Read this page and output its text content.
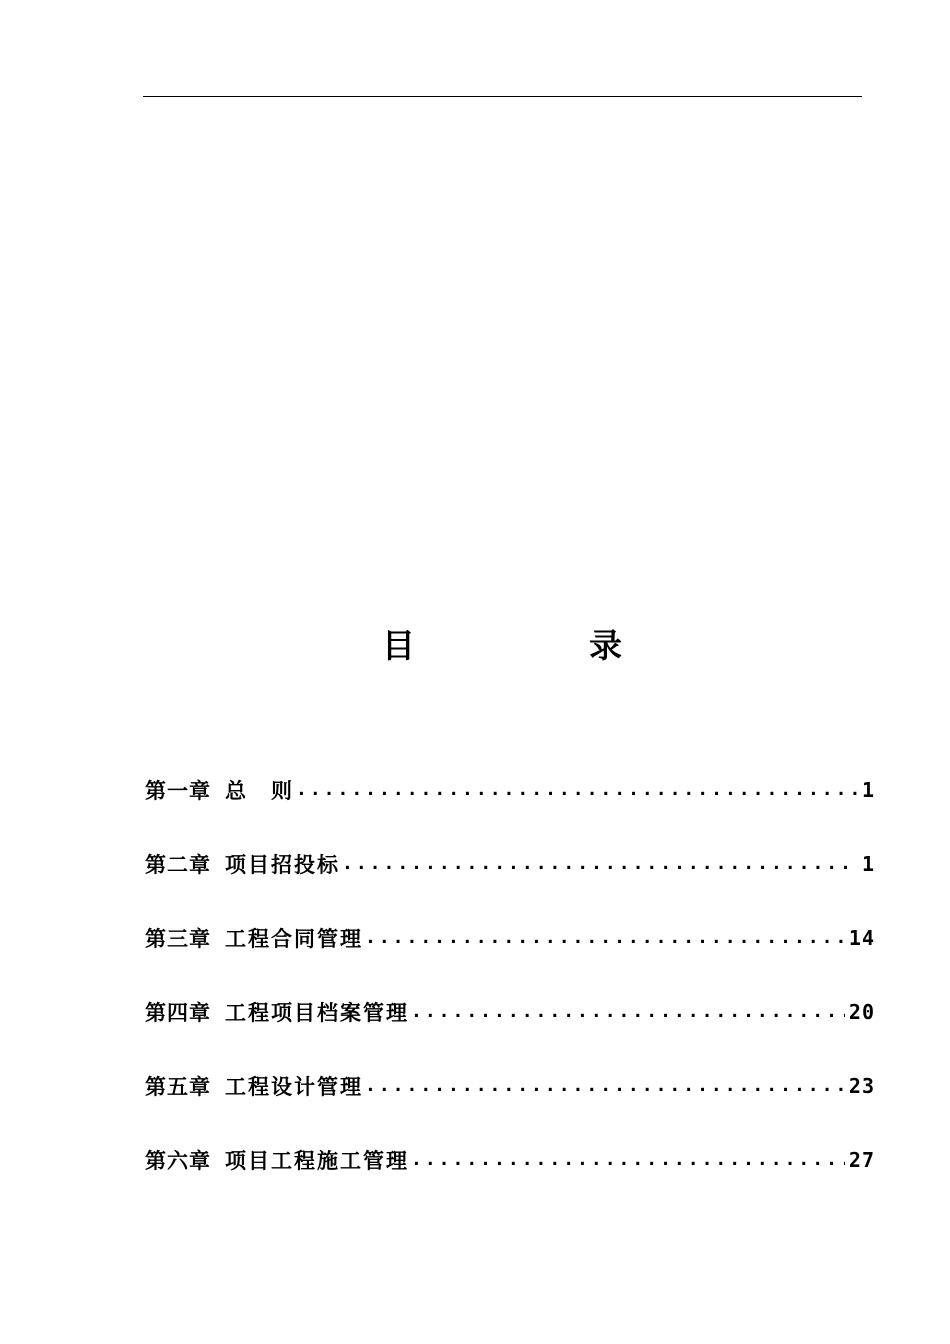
目	录
第一章 总　则 .....	1
第二章 项目招投标 .....	1
第三章 工程合同管理 .....	14
第四章 工程项目档案管理 .....	20
第五章 工程设计管理 .....	23
第六章 项目工程施工管理 .....	27
